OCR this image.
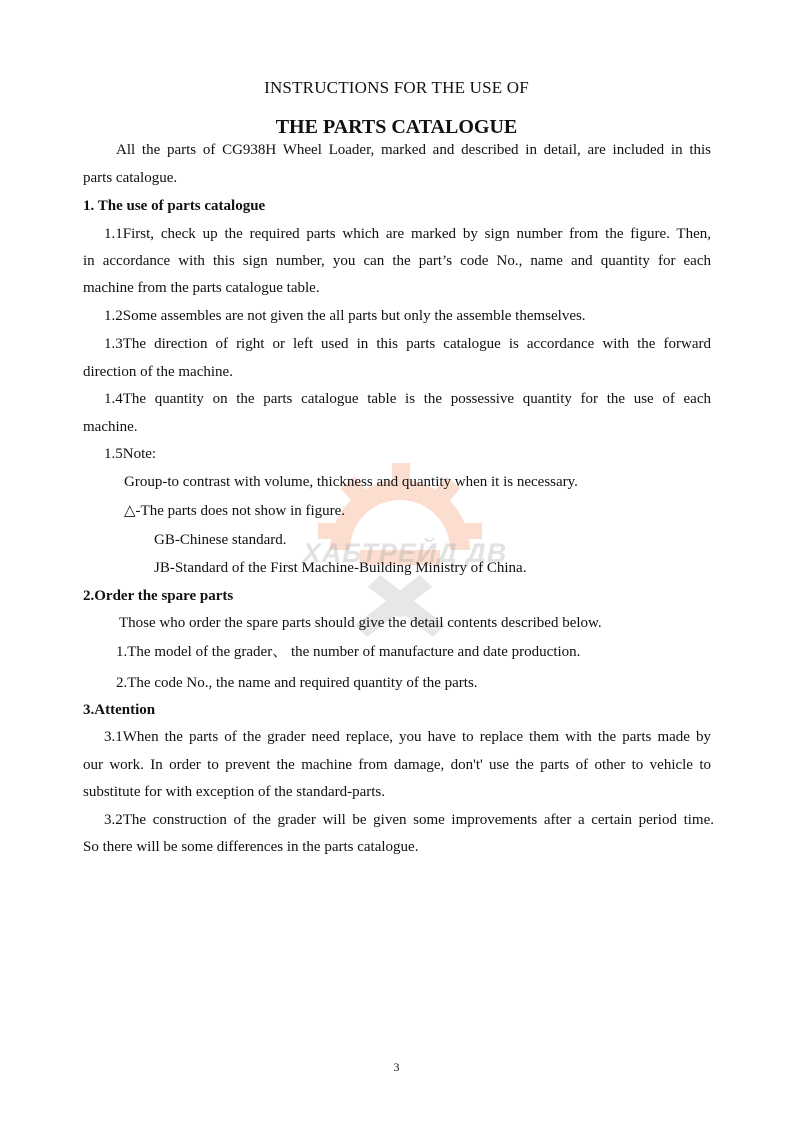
ХАБТРЕЙД ДВ
INSTRUCTIONS FOR THE USE OF
THE PARTS CATALOGUE
All the parts of CG938H Wheel Loader, marked and described in detail, are included in this
parts catalogue.
1. The use of parts catalogue
1.1First, check up the required parts which are marked by sign number from the figure. Then,
in accordance with this sign number, you can the part’s code No., name and quantity for each
machine from the parts catalogue table.
1.2Some assembles are not given the all parts but only the assemble themselves.
1.3The direction of right or left used in this parts catalogue is accordance with the forward
direction of the machine.
1.4The quantity on the parts catalogue table is the possessive quantity for the use of each
machine.
1.5Note:
Group-to contrast with volume, thickness and quantity when it is necessary.
△-The parts does not show in figure.
GB-Chinese standard.
JB-Standard of the First Machine-Building Ministry of China.
2.Order the spare parts
Those who order the spare parts should give the detail contents described below.
1.The model of the grader、 the number of manufacture and date production.
2.The code No., the name and required quantity of the parts.
3.Attention
3.1When the parts of the grader need replace, you have to replace them with the parts made by
our work. In order to prevent the machine from damage, don't' use the parts of other to vehicle to
substitute for with exception of the standard-parts.
3.2The construction of the grader will be given some improvements after a certain period time.
So there will be some differences in the parts catalogue.
3
